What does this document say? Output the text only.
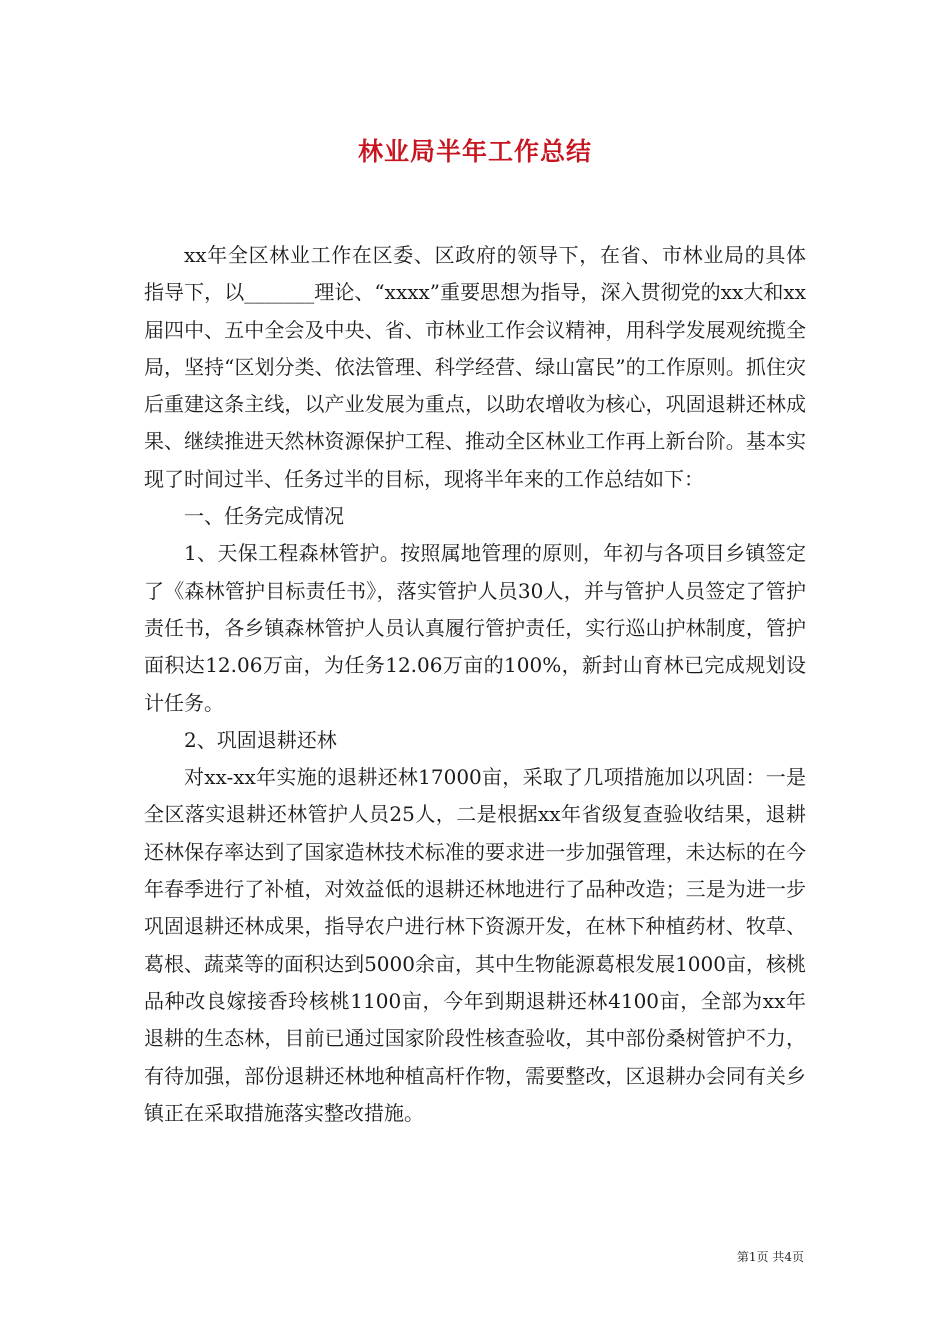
林业局半年工作总结

xx年全区林业工作在区委、区政府的领导下，在省、市林业局的具体指导下，以_______理论、“xxxx”重要思想为指导，深入贯彻党的xx大和xx届四中、五中全会及中央、省、市林业工作会议精神，用科学发展观统揽全局，坚持“区划分类、依法管理、科学经营、绿山富民”的工作原则。抓住灾后重建这条主线，以产业发展为重点，以助农增收为核心，巩固退耕还林成果、继续推进天然林资源保护工程、推动全区林业工作再上新台阶。基本实现了时间过半、任务过半的目标，现将半年来的工作总结如下：

一、任务完成情况

1、天保工程森林管护。按照属地管理的原则，年初与各项目乡镇签定了《森林管护目标责任书》，落实管护人员30人，并与管护人员签定了管护责任书，各乡镇森林管护人员认真履行管护责任，实行巡山护林制度，管护面积达12.06万亩，为任务12.06万亩的100%，新封山育林已完成规划设计任务。

2、巩固退耕还林

对xx-xx年实施的退耕还林17000亩，采取了几项措施加以巩固：一是全区落实退耕还林管护人员25人，二是根据xx年省级复查验收结果，退耕还林保存率达到了国家造林技术标准的要求进一步加强管理，未达标的在今年春季进行了补植，对效益低的退耕还林地进行了品种改造；三是为进一步巩固退耕还林成果，指导农户进行林下资源开发，在林下种植药材、牧草、葛根、蔬菜等的面积达到5000余亩，其中生物能源葛根发展1000亩，核桃品种改良嫁接香玲核桃1100亩，今年到期退耕还林4100亩，全部为xx年退耕的生态林，目前已通过国家阶段性核查验收，其中部份桑树管护不力，有待加强，部份退耕还林地种植高杆作物，需要整改，区退耕办会同有关乡镇正在采取措施落实整改措施。

第1页 共4页
